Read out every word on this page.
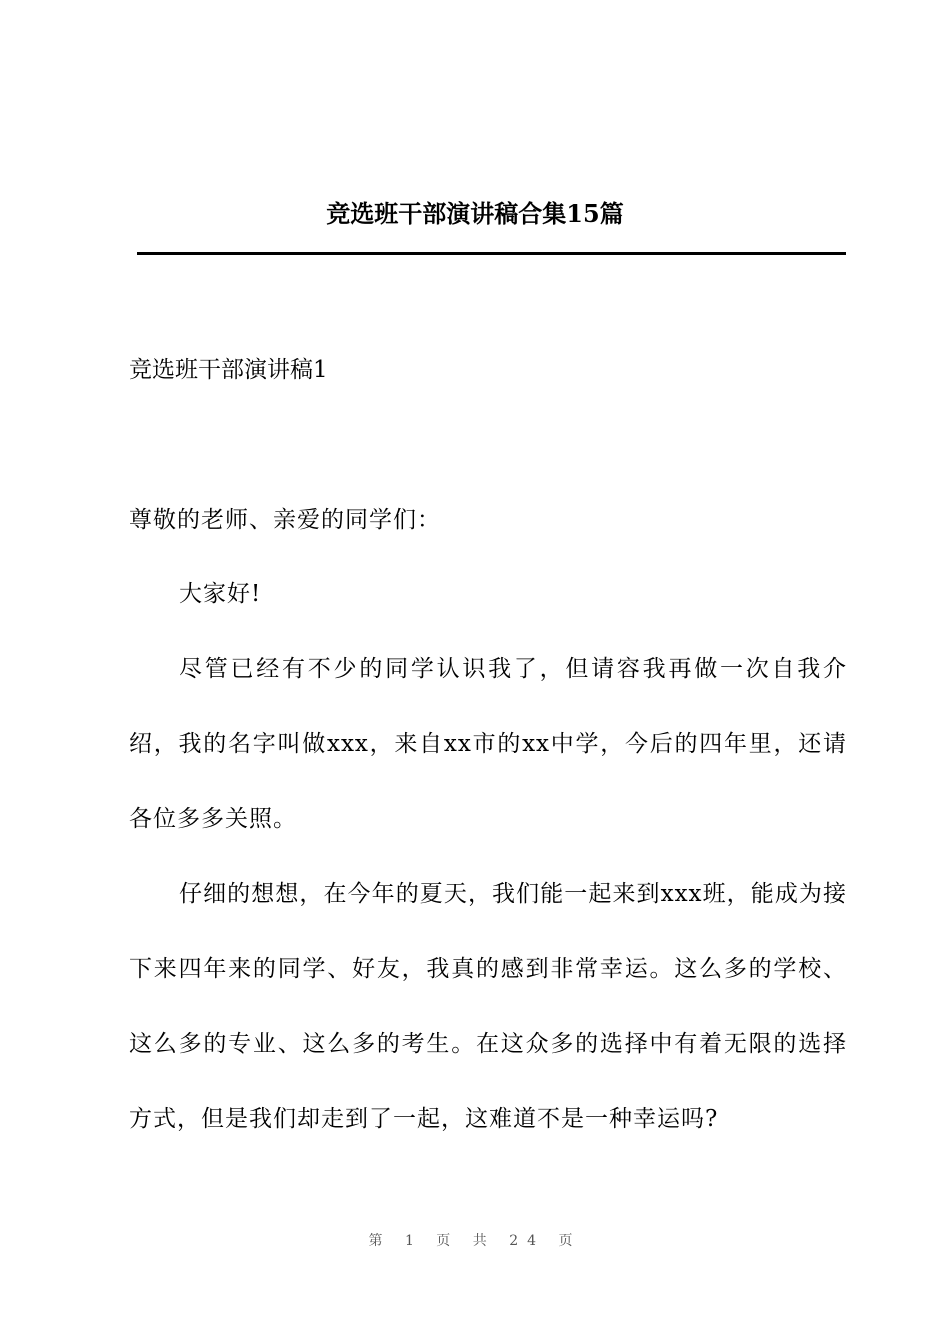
竞选班干部演讲稿合集15篇
竞选班干部演讲稿1

尊敬的老师、亲爱的同学们：

大家好!

尽管已经有不少的同学认识我了，但请容我再做一次自我介绍，我的名字叫做xxx，来自xx市的xx中学，今后的四年里，还请各位多多关照。

仔细的想想，在今年的夏天，我们能一起来到xxx班，能成为接下来四年来的同学、好友，我真的感到非常幸运。这么多的学校、这么多的专业、这么多的考生。在这众多的选择中有着无限的选择方式，但是我们却走到了一起，这难道不是一种幸运吗?

第 1 页 共 24 页
